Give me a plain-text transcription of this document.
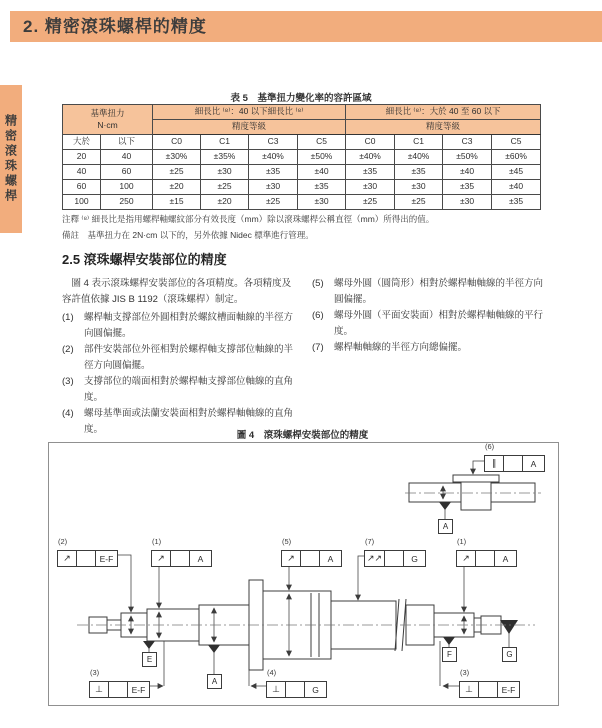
2. 精密滾珠螺桿的精度
精密滾珠螺桿
表 5　基準扭力變化率的容許區域
基準扭力
N·cm		細長比 ⁽⁸⁾：40 以下細長比 ⁽⁸⁾				細長比 ⁽⁸⁾：大於 40 至 60 以下			
		精度等級				精度等級			
大於	以下	C0	C1	C3	C5	C0	C1	C3	C5
20	40	±30%	±35%	±40%	±50%	±40%	±40%	±50%	±60%
40	60	±25	±30	±35	±40	±35	±35	±40	±45
60	100	±20	±25	±30	±35	±30	±30	±35	±40
100	250	±15	±20	±25	±30	±25	±25	±30	±35
注釋 ⁽⁸⁾ 細長比是指用螺桿軸螺紋部分有效長度（mm）除以滾珠螺桿公稱直徑（mm）所得出的值。
備註　基準扭力在 2N·cm 以下的，另外依據 Nidec 標準進行管理。
2.5 滾珠螺桿安裝部位的精度

圖 4 表示滾珠螺桿安裝部位的各項精度。各項精度及容許值依據 JIS B 1192（滾珠螺桿）制定。

(1)	螺桿軸支撐部位外圓相對於螺紋槽面軸線的半徑方向圓偏擺。
(2)	部件安裝部位外徑相對於螺桿軸支撐部位軸線的半徑方向圓偏擺。
(3)	支撐部位的端面相對於螺桿軸支撐部位軸線的直角度。
(4)	螺母基準面或法蘭安裝面相對於螺桿軸軸線的直角度。
(5)	螺母外圓（圓筒形）相對於螺桿軸軸線的半徑方向圓偏擺。
(6)	螺母外圓（平面安裝面）相對於螺桿軸軸線的平行度。
(7)	螺桿軸軸線的半徑方向總偏擺。
圖 4　滾珠螺桿安裝部位的精度
(2)
↗	E-F
(1)
↗	A
(5)
↗	A
(7)
↗↗	G
(1)
↗	A
(6)
∥	A
(3)
⊥	E-F
(4)
⊥	G
(3)
⊥	E-F
E
A
F	G
A
